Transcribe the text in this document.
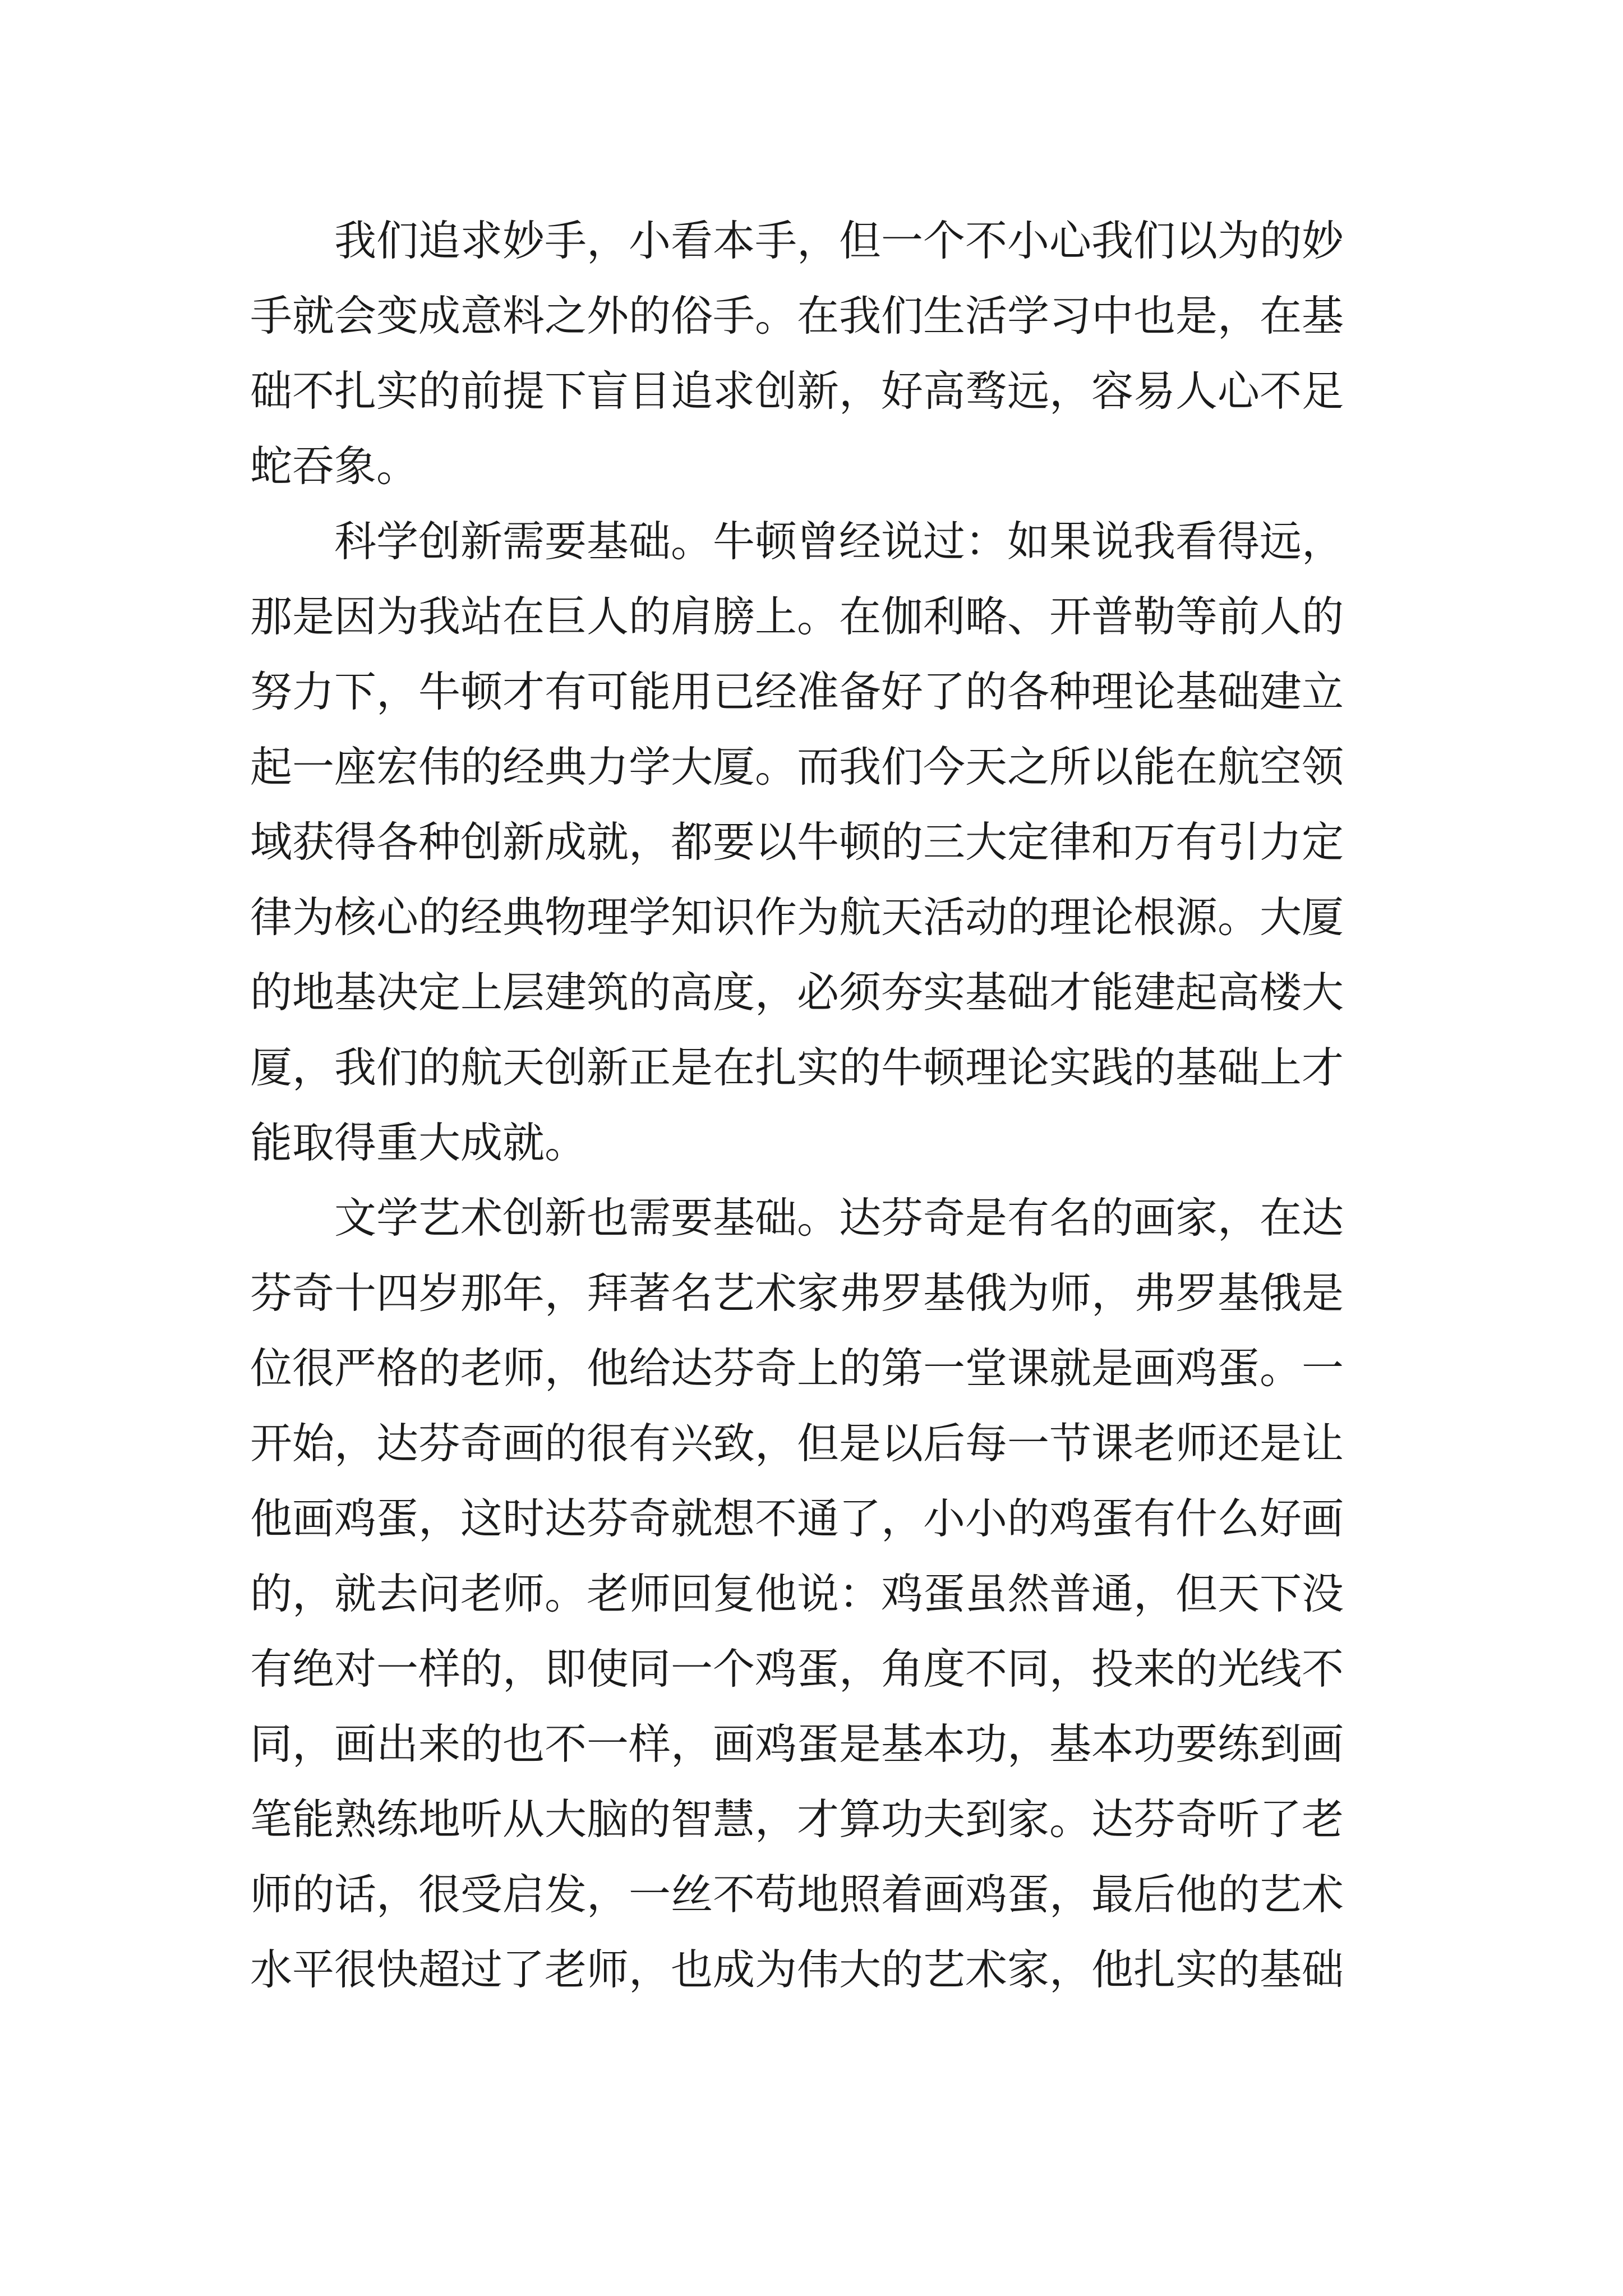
我们追求妙手，小看本手，但一个不小心我们以为的妙
手就会变成意料之外的俗手。在我们生活学习中也是，在基
础不扎实的前提下盲目追求创新，好高骛远，容易人心不足
蛇吞象。
科学创新需要基础。牛顿曾经说过：如果说我看得远，
那是因为我站在巨人的肩膀上。在伽利略、开普勒等前人的
努力下，牛顿才有可能用已经准备好了的各种理论基础建立
起一座宏伟的经典力学大厦。而我们今天之所以能在航空领
域获得各种创新成就，都要以牛顿的三大定律和万有引力定
律为核心的经典物理学知识作为航天活动的理论根源。大厦
的地基决定上层建筑的高度，必须夯实基础才能建起高楼大
厦，我们的航天创新正是在扎实的牛顿理论实践的基础上才
能取得重大成就。
文学艺术创新也需要基础。达芬奇是有名的画家，在达
芬奇十四岁那年，拜著名艺术家弗罗基俄为师，弗罗基俄是
位很严格的老师，他给达芬奇上的第一堂课就是画鸡蛋。一
开始，达芬奇画的很有兴致，但是以后每一节课老师还是让
他画鸡蛋，这时达芬奇就想不通了，小小的鸡蛋有什么好画
的，就去问老师。老师回复他说：鸡蛋虽然普通，但天下没
有绝对一样的，即使同一个鸡蛋，角度不同，投来的光线不
同，画出来的也不一样，画鸡蛋是基本功，基本功要练到画
笔能熟练地听从大脑的智慧，才算功夫到家。达芬奇听了老
师的话，很受启发，一丝不苟地照着画鸡蛋，最后他的艺术
水平很快超过了老师，也成为伟大的艺术家，他扎实的基础
